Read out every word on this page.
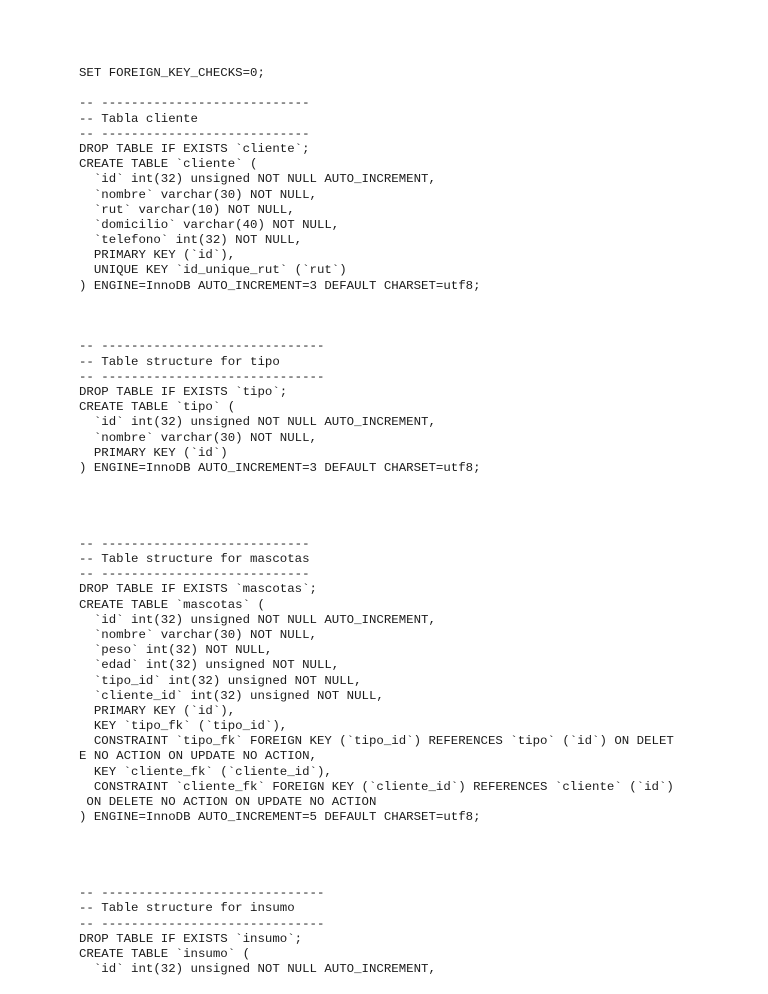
SET FOREIGN_KEY_CHECKS=0;
-- ----------------------------
-- Tabla cliente
-- ----------------------------
DROP TABLE IF EXISTS `cliente`;
CREATE TABLE `cliente` (
`id` int(32) unsigned NOT NULL AUTO_INCREMENT,
`nombre` varchar(30) NOT NULL,
`rut` varchar(10) NOT NULL,
`domicilio` varchar(40) NOT NULL,
`telefono` int(32) NOT NULL,
PRIMARY KEY (`id`),
UNIQUE KEY `id_unique_rut` (`rut`)
) ENGINE=InnoDB AUTO_INCREMENT=3 DEFAULT CHARSET=utf8;
-- ------------------------------
-- Table structure for tipo
-- ------------------------------
DROP TABLE IF EXISTS `tipo`;
CREATE TABLE `tipo` (
`id` int(32) unsigned NOT NULL AUTO_INCREMENT,
`nombre` varchar(30) NOT NULL,
PRIMARY KEY (`id`)
) ENGINE=InnoDB AUTO_INCREMENT=3 DEFAULT CHARSET=utf8;
-- ----------------------------
-- Table structure for mascotas
-- ----------------------------
DROP TABLE IF EXISTS `mascotas`;
CREATE TABLE `mascotas` (
`id` int(32) unsigned NOT NULL AUTO_INCREMENT,
`nombre` varchar(30) NOT NULL,
`peso` int(32) NOT NULL,
`edad` int(32) unsigned NOT NULL,
`tipo_id` int(32) unsigned NOT NULL,
`cliente_id` int(32) unsigned NOT NULL,
PRIMARY KEY (`id`),
KEY `tipo_fk` (`tipo_id`),
CONSTRAINT `tipo_fk` FOREIGN KEY (`tipo_id`) REFERENCES `tipo` (`id`) ON DELET
E NO ACTION ON UPDATE NO ACTION,
KEY `cliente_fk` (`cliente_id`),
CONSTRAINT `cliente_fk` FOREIGN KEY (`cliente_id`) REFERENCES `cliente` (`id`)
ON DELETE NO ACTION ON UPDATE NO ACTION
) ENGINE=InnoDB AUTO_INCREMENT=5 DEFAULT CHARSET=utf8;
-- ------------------------------
-- Table structure for insumo
-- ------------------------------
DROP TABLE IF EXISTS `insumo`;
CREATE TABLE `insumo` (
`id` int(32) unsigned NOT NULL AUTO_INCREMENT,
